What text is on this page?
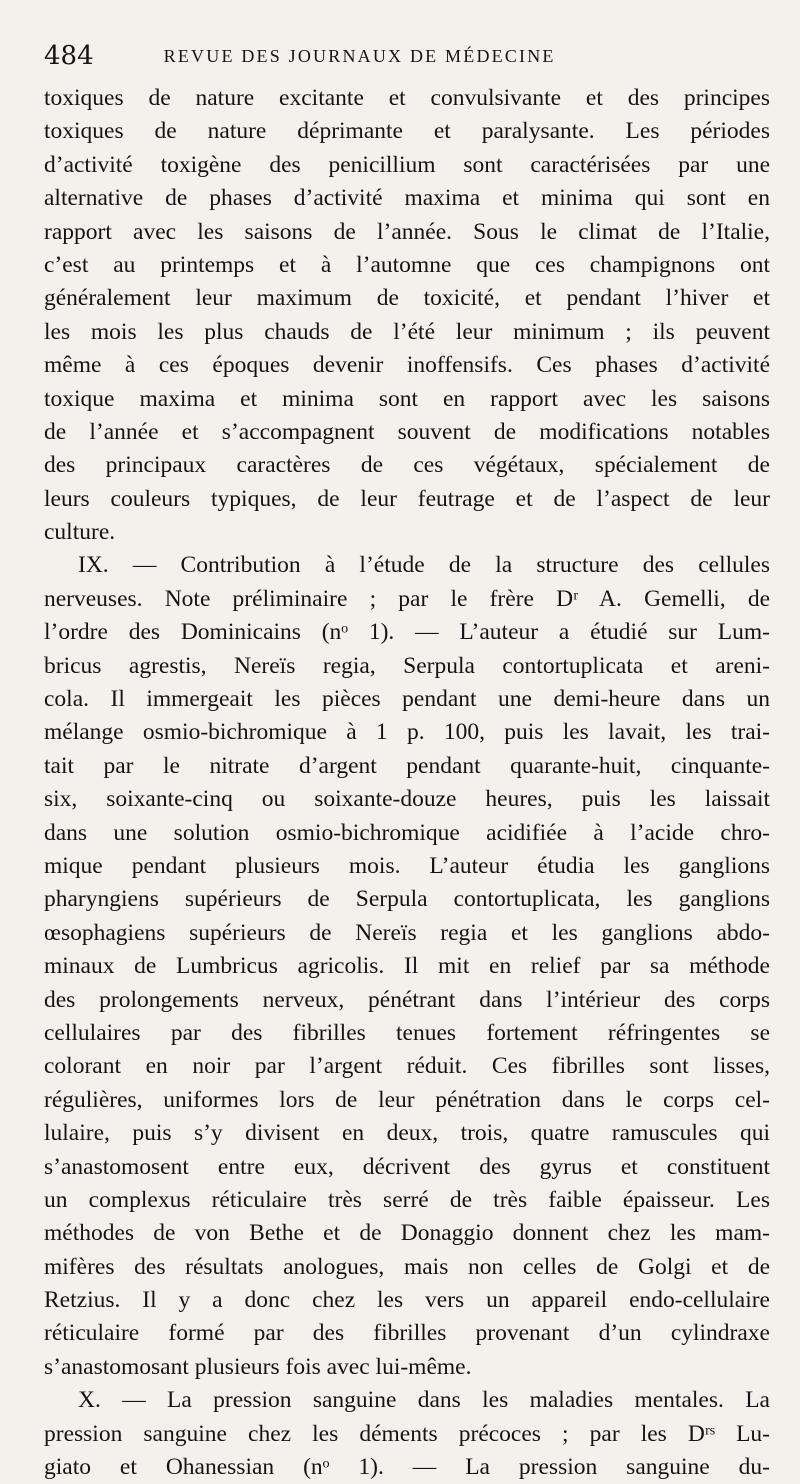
484	REVUE DES JOURNAUX DE MÉDECINE
toxiques de nature excitante et convulsivante et des principes
toxiques de nature déprimante et paralysante. Les périodes
d’activité toxigène des penicillium sont caractérisées par une
alternative de phases d’activité maxima et minima qui sont en
rapport avec les saisons de l’année. Sous le climat de l’Italie,
c’est au printemps et à l’automne que ces champignons ont
généralement leur maximum de toxicité, et pendant l’hiver et
les mois les plus chauds de l’été leur minimum ; ils peuvent
même à ces époques devenir inoffensifs. Ces phases d’activité
toxique maxima et minima sont en rapport avec les saisons
de l’année et s’accompagnent souvent de modifications notables
des principaux caractères de ces végétaux, spécialement de
leurs couleurs typiques, de leur feutrage et de l’aspect de leur
culture.
IX. — Contribution à l’étude de la structure des cellules
nerveuses. Note préliminaire ; par le frère Dʳ A. Gemelli, de
l’ordre des Dominicains (nᵒ 1). — L’auteur a étudié sur Lum-
bricus agrestis, Nereïs regia, Serpula contortuplicata et areni-
cola. Il immergeait les pièces pendant une demi-heure dans un
mélange osmio-bichromique à 1 p. 100, puis les lavait, les trai-
tait par le nitrate d’argent pendant quarante-huit, cinquante-
six, soixante-cinq ou soixante-douze heures, puis les laissait
dans une solution osmio-bichromique acidifiée à l’acide chro-
mique pendant plusieurs mois. L’auteur étudia les ganglions
pharyngiens supérieurs de Serpula contortuplicata, les ganglions
œsophagiens supérieurs de Nereïs regia et les ganglions abdo-
minaux de Lumbricus agricolis. Il mit en relief par sa méthode
des prolongements nerveux, pénétrant dans l’intérieur des corps
cellulaires par des fibrilles tenues fortement réfringentes se
colorant en noir par l’argent réduit. Ces fibrilles sont lisses,
régulières, uniformes lors de leur pénétration dans le corps cel-
lulaire, puis s’y divisent en deux, trois, quatre ramuscules qui
s’anastomosent entre eux, décrivent des gyrus et constituent
un complexus réticulaire très serré de très faible épaisseur. Les
méthodes de von Bethe et de Donaggio donnent chez les mam-
mifères des résultats anologues, mais non celles de Golgi et de
Retzius. Il y a donc chez les vers un appareil endo-cellulaire
réticulaire formé par des fibrilles provenant d’un cylindraxe
s’anastomosant plusieurs fois avec lui-même.
X. — La pression sanguine dans les maladies mentales. La
pression sanguine chez les déments précoces ; par les Dʳˢ Lu-
giato et Ohanessian (nᵒ 1). — La pression sanguine du-
